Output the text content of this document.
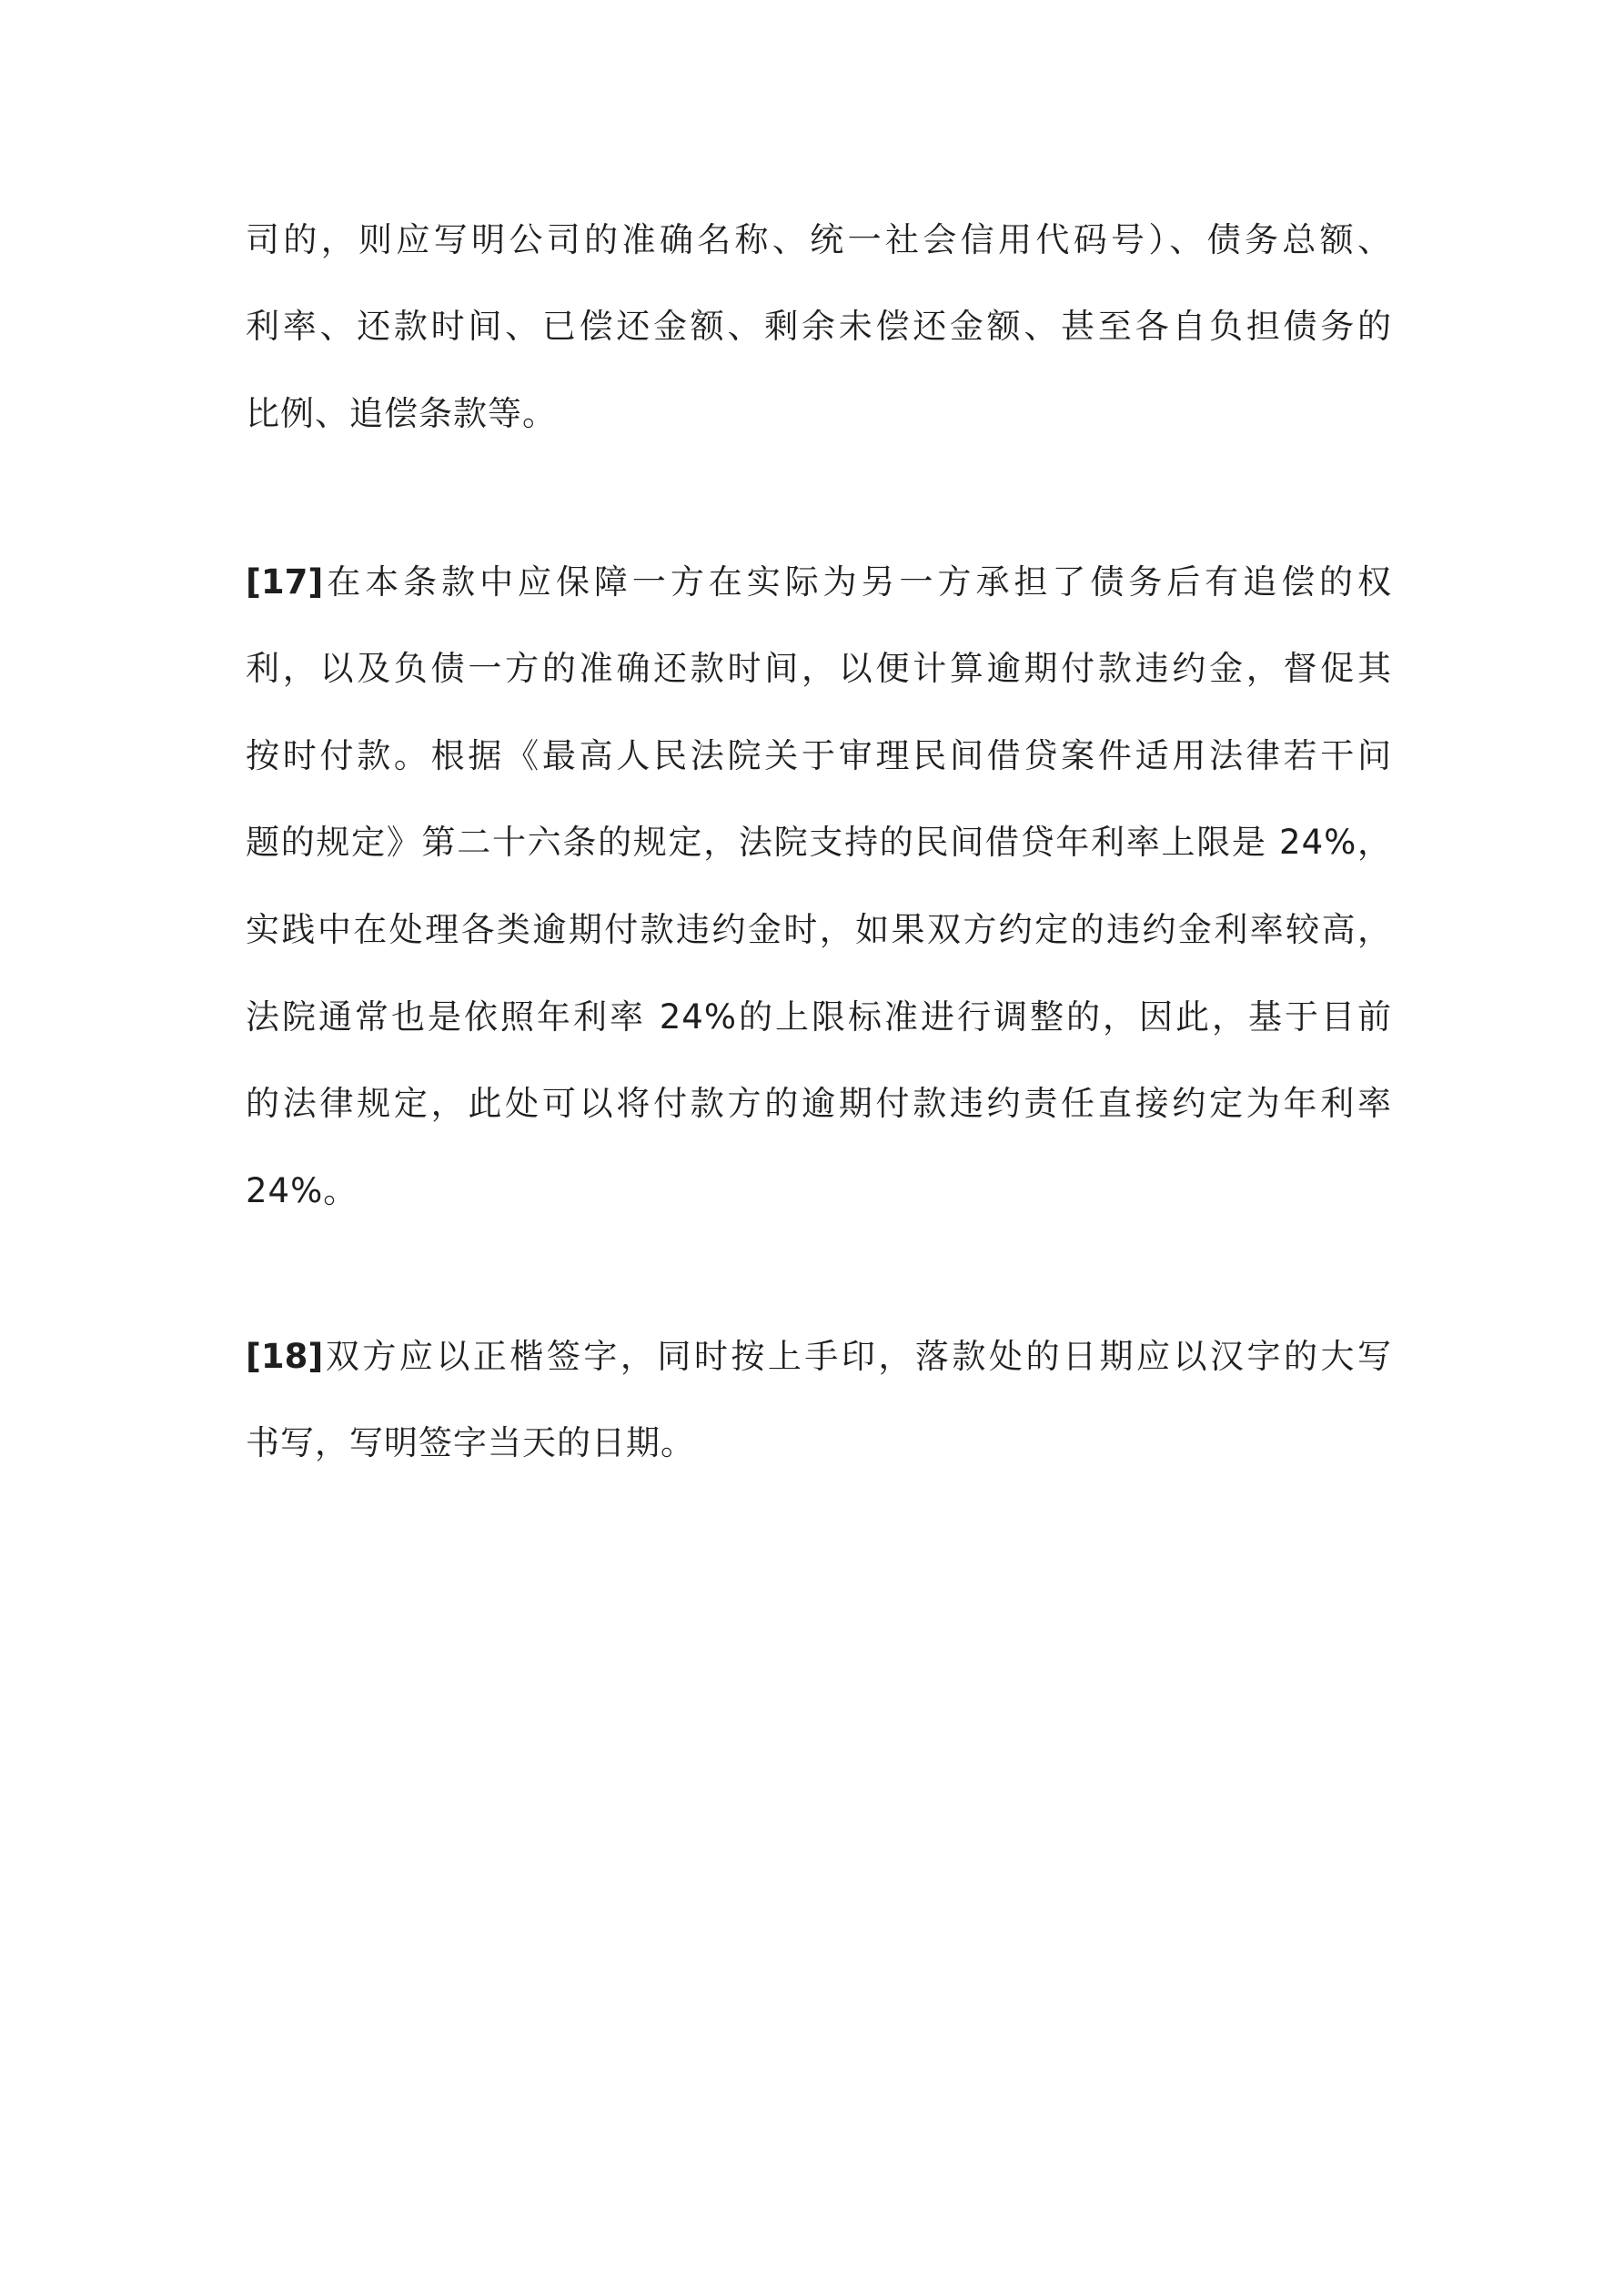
司的，则应写明公司的准确名称、统一社会信用代码号）、债务总额、
利率、还款时间、已偿还金额、剩余未偿还金额、甚至各自负担债务的
比例、追偿条款等。
[17]在本条款中应保障一方在实际为另一方承担了债务后有追偿的权
利，以及负债一方的准确还款时间，以便计算逾期付款违约金，督促其
按时付款。根据《最高人民法院关于审理民间借贷案件适用法律若干问
题的规定》第二十六条的规定，法院支持的民间借贷年利率上限是 24%，
实践中在处理各类逾期付款违约金时，如果双方约定的违约金利率较高，
法院通常也是依照年利率 24%的上限标准进行调整的，因此，基于目前
的法律规定，此处可以将付款方的逾期付款违约责任直接约定为年利率
24%。
[18]双方应以正楷签字，同时按上手印，落款处的日期应以汉字的大写
书写，写明签字当天的日期。
